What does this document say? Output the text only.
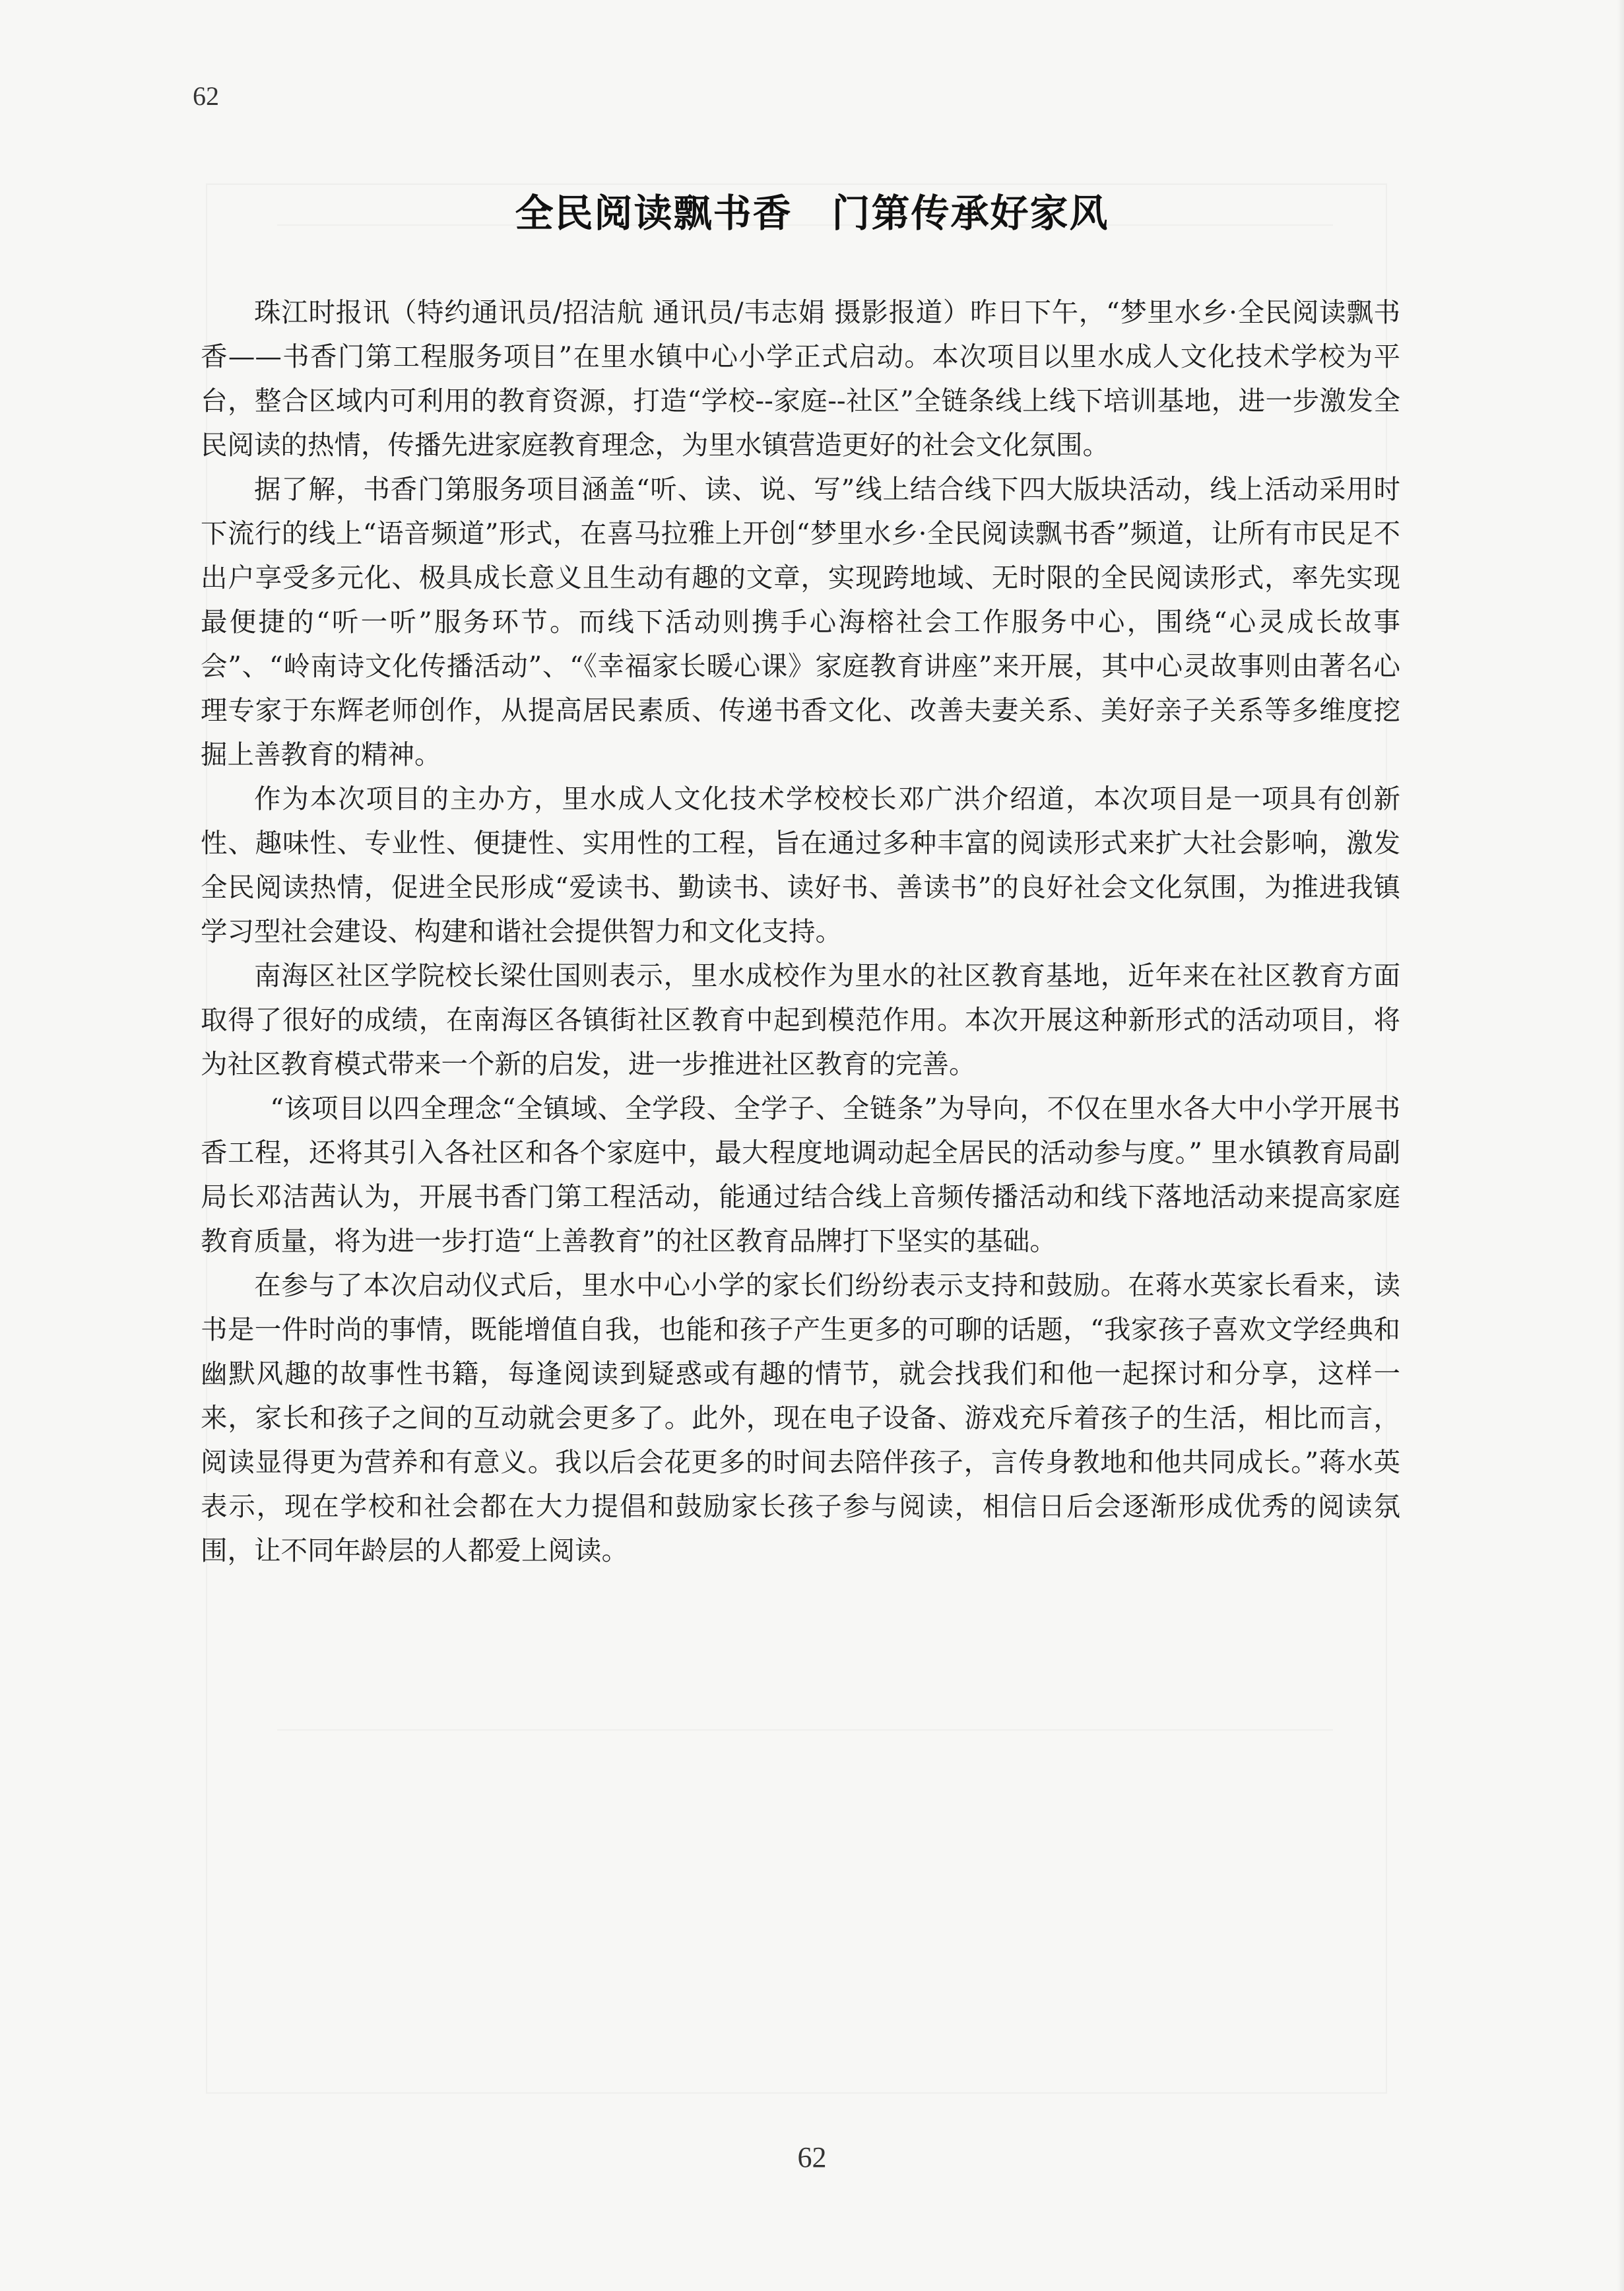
62
全民阅读飘书香　门第传承好家风

珠江时报讯（特约通讯员/招洁航 通讯员/韦志娟 摄影报道）昨日下午，“梦里水乡·全民阅读飘书香——书香门第工程服务项目”在里水镇中心小学正式启动。本次项目以里水成人文化技术学校为平台，整合区域内可利用的教育资源，打造“学校--家庭--社区”全链条线上线下培训基地，进一步激发全民阅读的热情，传播先进家庭教育理念，为里水镇营造更好的社会文化氛围。

据了解，书香门第服务项目涵盖“听、读、说、写”线上结合线下四大版块活动，线上活动采用时下流行的线上“语音频道”形式，在喜马拉雅上开创“梦里水乡·全民阅读飘书香”频道，让所有市民足不出户享受多元化、极具成长意义且生动有趣的文章，实现跨地域、无时限的全民阅读形式，率先实现最便捷的“听一听”服务环节。而线下活动则携手心海榕社会工作服务中心，围绕“心灵成长故事会”、“岭南诗文化传播活动”、“《幸福家长暖心课》家庭教育讲座”来开展，其中心灵故事则由著名心理专家于东辉老师创作，从提高居民素质、传递书香文化、改善夫妻关系、美好亲子关系等多维度挖掘上善教育的精神。

作为本次项目的主办方，里水成人文化技术学校校长邓广洪介绍道，本次项目是一项具有创新性、趣味性、专业性、便捷性、实用性的工程，旨在通过多种丰富的阅读形式来扩大社会影响，激发全民阅读热情，促进全民形成“爱读书、勤读书、读好书、善读书”的良好社会文化氛围，为推进我镇学习型社会建设、构建和谐社会提供智力和文化支持。

南海区社区学院校长梁仕国则表示，里水成校作为里水的社区教育基地，近年来在社区教育方面取得了很好的成绩，在南海区各镇街社区教育中起到模范作用。本次开展这种新形式的活动项目，将为社区教育模式带来一个新的启发，进一步推进社区教育的完善。

“该项目以四全理念“全镇域、全学段、全学子、全链条”为导向，不仅在里水各大中小学开展书香工程，还将其引入各社区和各个家庭中，最大程度地调动起全居民的活动参与度。” 里水镇教育局副局长邓洁茜认为，开展书香门第工程活动，能通过结合线上音频传播活动和线下落地活动来提高家庭教育质量，将为进一步打造“上善教育”的社区教育品牌打下坚实的基础。

在参与了本次启动仪式后，里水中心小学的家长们纷纷表示支持和鼓励。在蒋水英家长看来，读书是一件时尚的事情，既能增值自我，也能和孩子产生更多的可聊的话题，“我家孩子喜欢文学经典和幽默风趣的故事性书籍，每逢阅读到疑惑或有趣的情节，就会找我们和他一起探讨和分享，这样一来，家长和孩子之间的互动就会更多了。此外，现在电子设备、游戏充斥着孩子的生活，相比而言，阅读显得更为营养和有意义。我以后会花更多的时间去陪伴孩子，言传身教地和他共同成长。”蒋水英表示，现在学校和社会都在大力提倡和鼓励家长孩子参与阅读，相信日后会逐渐形成优秀的阅读氛围，让不同年龄层的人都爱上阅读。

62
